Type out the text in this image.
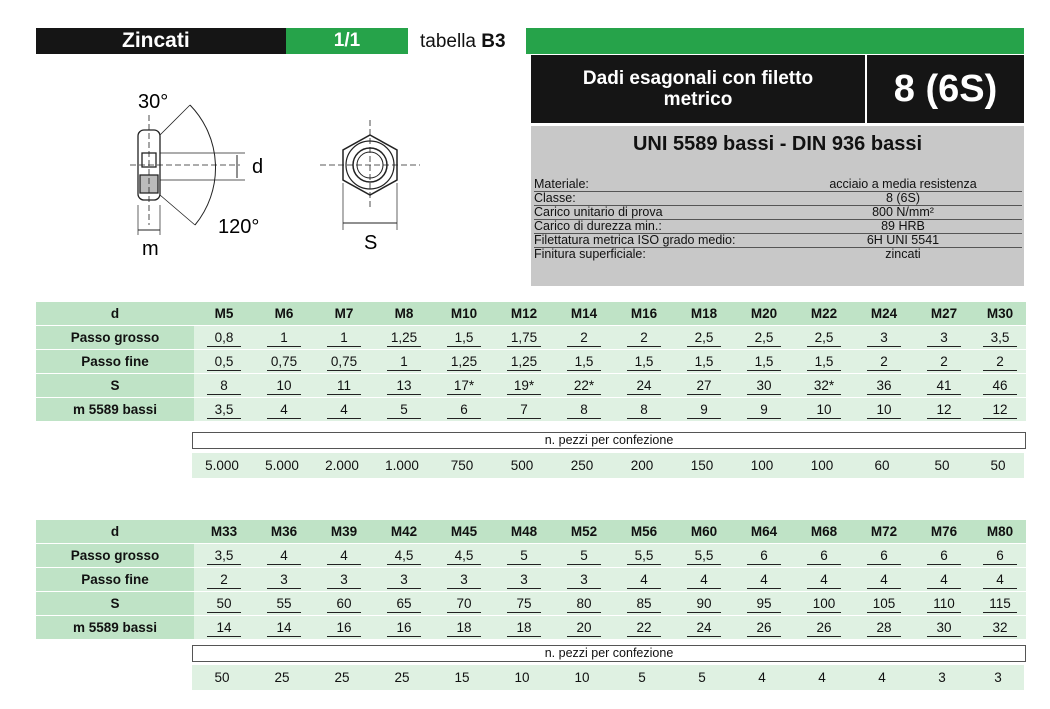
Zincati	1/1	tabella B3
Dadi esagonali con filetto metrico	8 (6S)
UNI 5589 bassi - DIN 936 bassi
Materiale:	acciaio a media resistenza
Classe:	8 (6S)
Carico unitario di prova	800 N/mm²
Carico di durezza min.:	89 HRB
Filettatura metrica ISO grado medio:	6H UNI 5541
Finitura superficiale:	zincati
30°
120°
d
m	S
d	M5	M6	M7	M8	M10	M12	M14	M16	M18	M20	M22	M24	M27	M30
Passo grosso	0,8	1	1	1,25	1,5	1,75	2	2	2,5	2,5	2,5	3	3	3,5
Passo fine	0,5	0,75	0,75	1	1,25	1,25	1,5	1,5	1,5	1,5	1,5	2	2	2
S	8	10	11	13	17*	19*	22*	24	27	30	32*	36	41	46
m 5589 bassi	3,5	4	4	5	6	7	8	8	9	9	10	10	12	12
n. pezzi per confezione
5.000	5.000	2.000	1.000	750	500	250	200	150	100	100	60	50	50
d	M33	M36	M39	M42	M45	M48	M52	M56	M60	M64	M68	M72	M76	M80
Passo grosso	3,5	4	4	4,5	4,5	5	5	5,5	5,5	6	6	6	6	6
Passo fine	2	3	3	3	3	3	3	4	4	4	4	4	4	4
S	50	55	60	65	70	75	80	85	90	95	100	105	110	115
m 5589 bassi	14	14	16	16	18	18	20	22	24	26	26	28	30	32
n. pezzi per confezione
50	25	25	25	15	10	10	5	5	4	4	4	3	3
